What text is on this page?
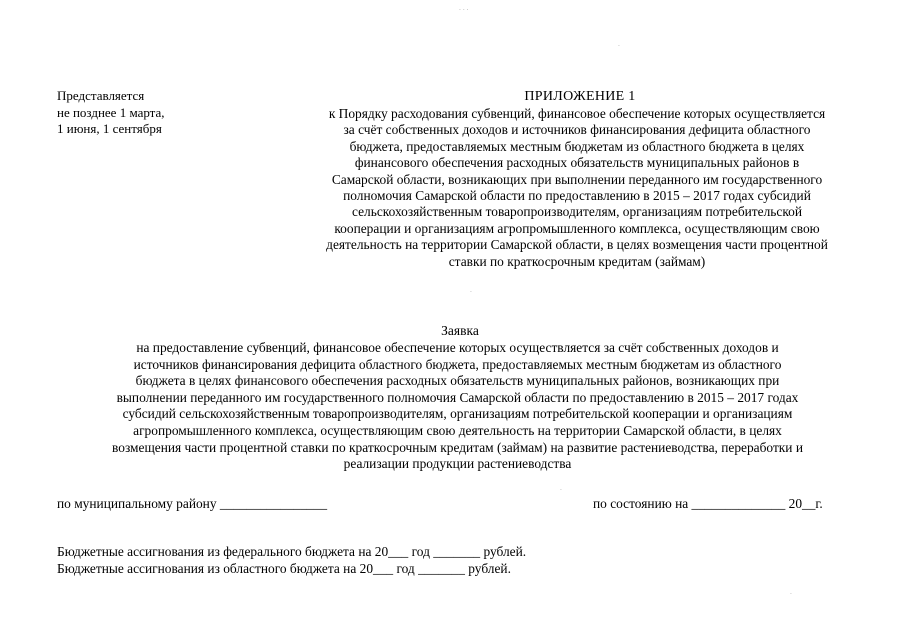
Представляется
не позднее 1 марта,
1 июня, 1 сентября
ПРИЛОЖЕНИЕ 1
к Порядку расходования субвенций, финансовое обеспечение которых осуществляется
за счёт собственных доходов и источников финансирования дефицита областного
бюджета, предоставляемых местным бюджетам из областного бюджета в целях
финансового обеспечения расходных обязательств муниципальных районов в
Самарской области, возникающих при выполнении переданного им государственного
полномочия Самарской области по предоставлению в 2015 – 2017 годах субсидий
сельскохозяйственным товаропроизводителям, организациям потребительской
кооперации и организациям агропромышленного комплекса, осуществляющим свою
деятельность на территории Самарской области, в целях возмещения части процентной
ставки по краткосрочным кредитам (займам)
Заявка
на предоставление субвенций, финансовое обеспечение которых осуществляется за счёт собственных доходов и
источников финансирования дефицита областного бюджета, предоставляемых местным бюджетам из областного
бюджета в целях финансового обеспечения расходных обязательств муниципальных районов, возникающих при
выполнении переданного им государственного полномочия Самарской области по предоставлению в 2015 – 2017 годах
субсидий сельскохозяйственным товаропроизводителям, организациям потребительской кооперации и организациям
агропромышленного комплекса, осуществляющим свою деятельность на территории Самарской области, в целях
возмещения части процентной ставки по краткосрочным кредитам (займам) на развитие растениеводства, переработки и
реализации продукции растениеводства
по муниципальному району ________________	по состоянию на ______________ 20__г.
Бюджетные ассигнования из федерального бюджета на 20___ год _______ рублей.
Бюджетные ассигнования из областного бюджета на 20___ год _______ рублей.
· · ·
·
·
·
·
